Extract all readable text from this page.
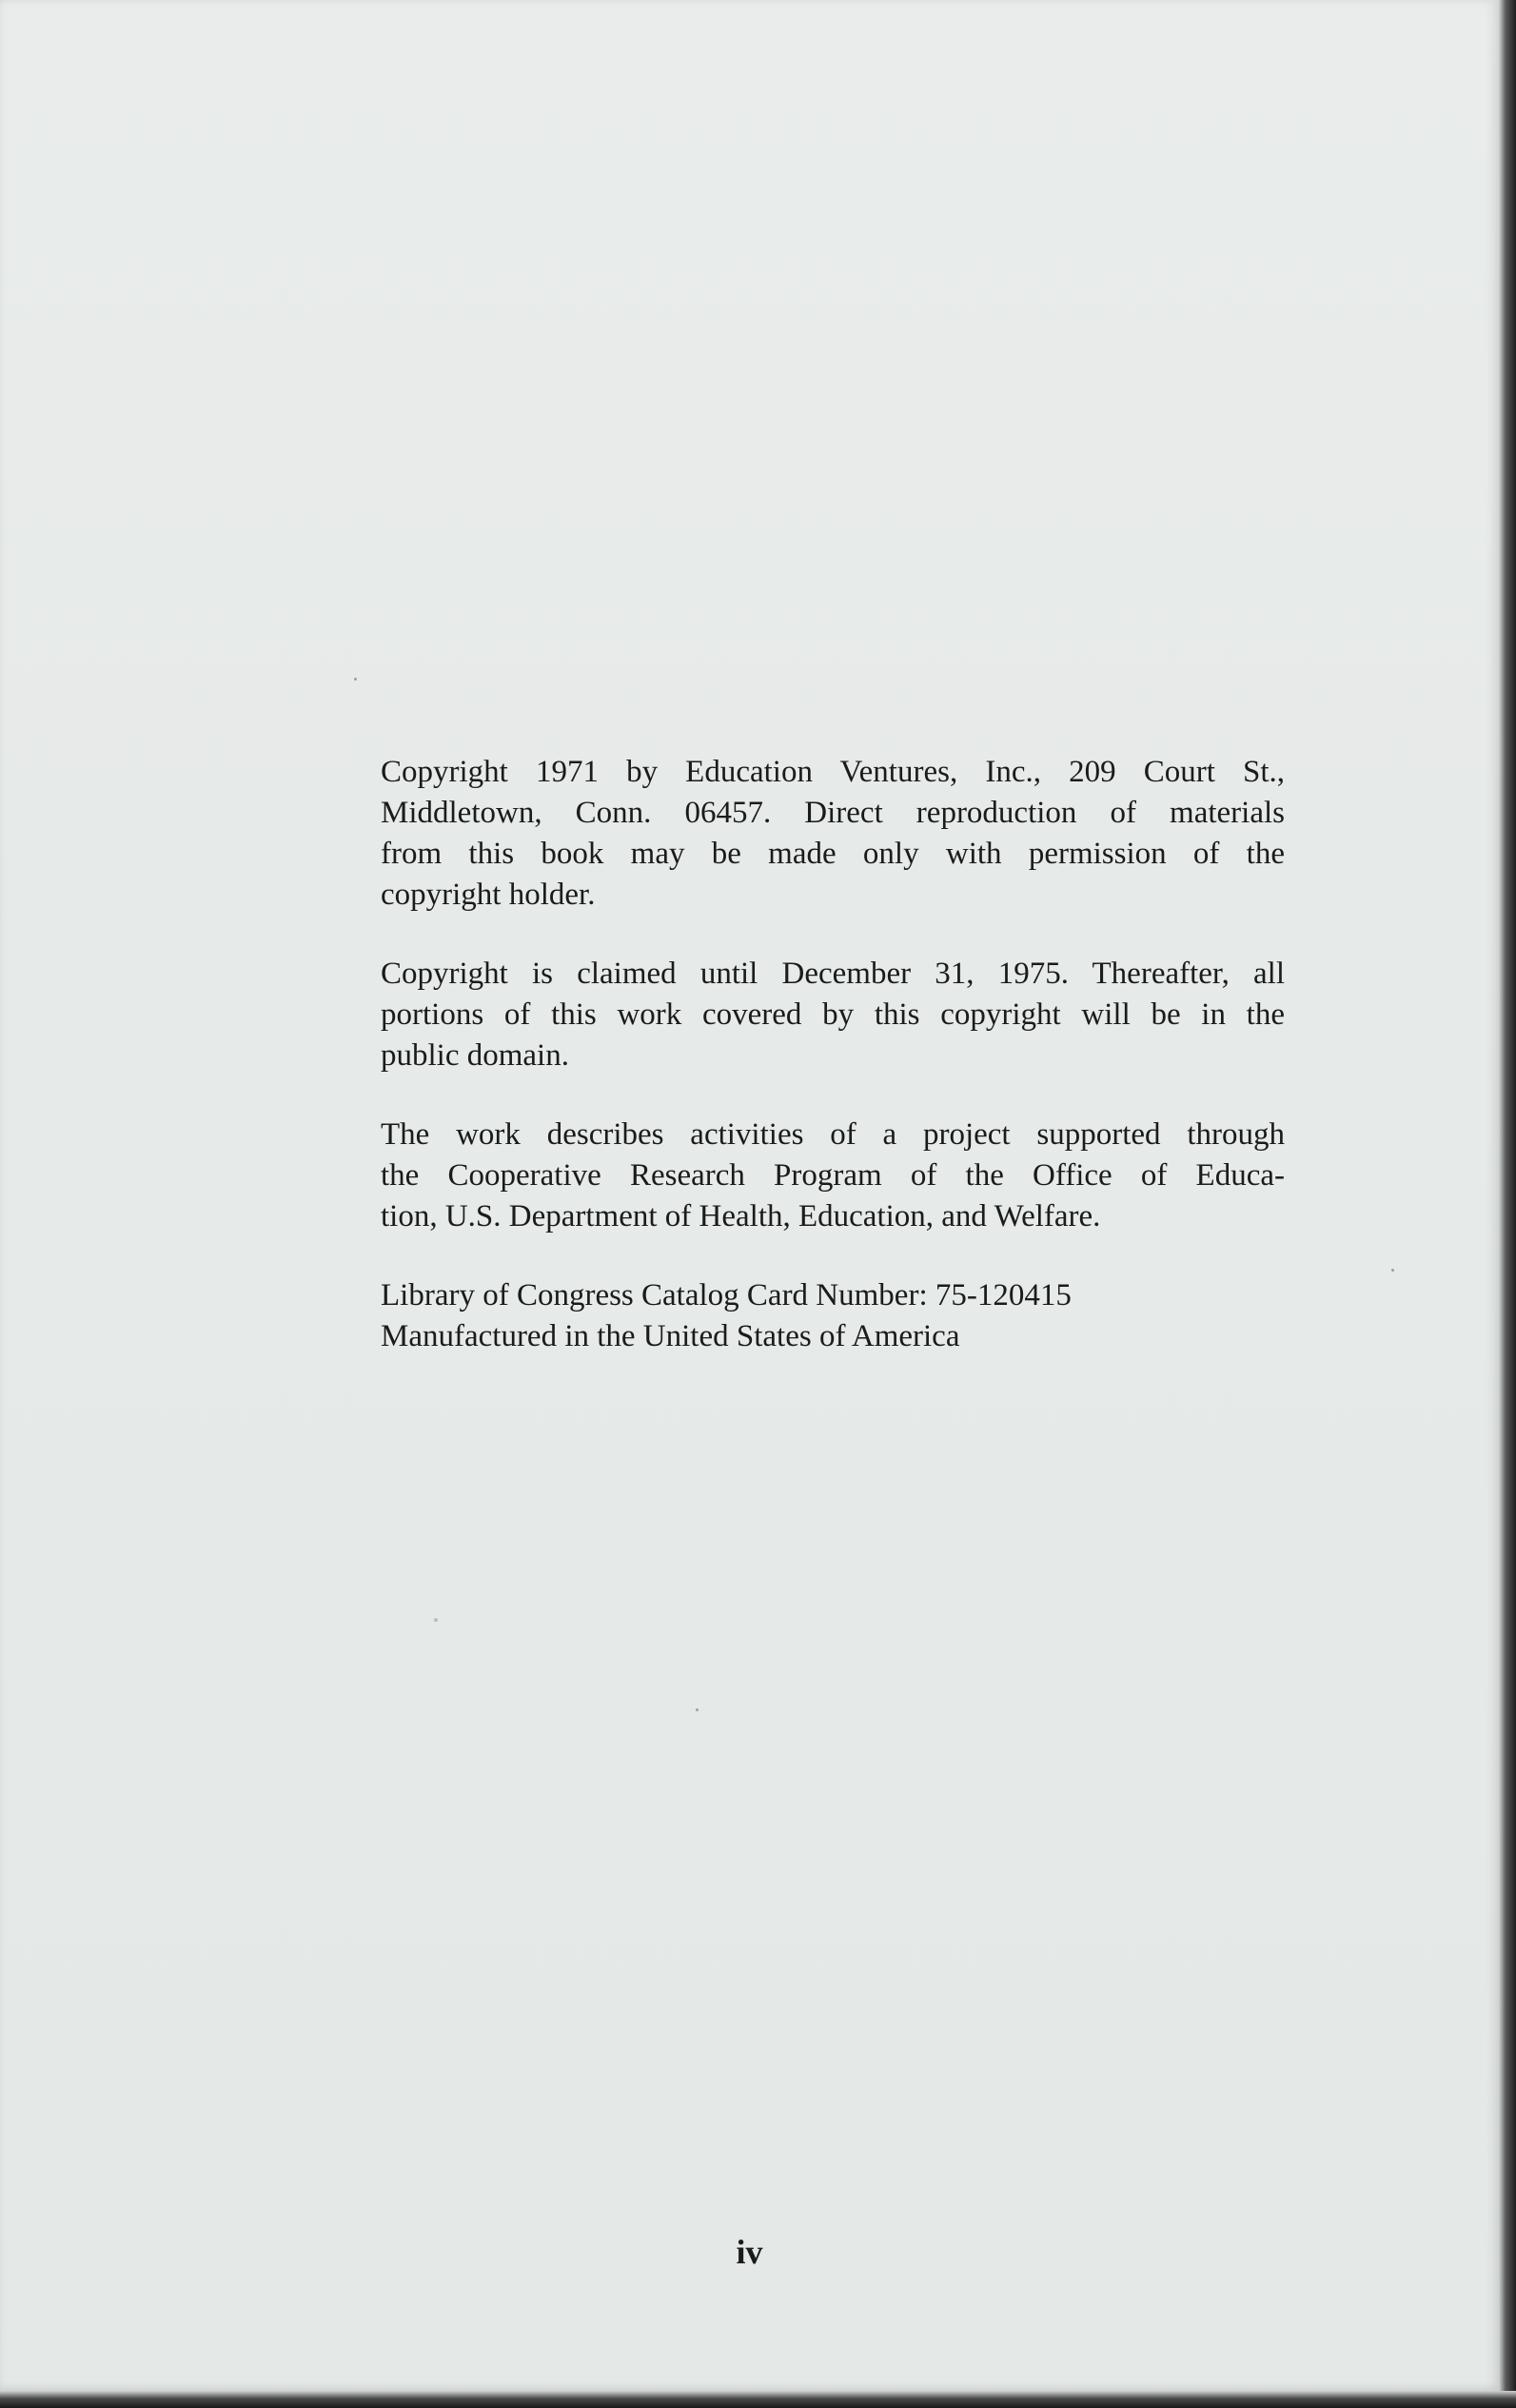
Copyright 1971 by Education Ventures, Inc., 209 Court St.,
Middletown, Conn. 06457. Direct reproduction of materials
from this book may be made only with permission of the
copyright holder.

Copyright is claimed until December 31, 1975. Thereafter, all
portions of this work covered by this copyright will be in the
public domain.

The work describes activities of a project supported through
the Cooperative Research Program of the Office of Educa-
tion, U.S. Department of Health, Education, and Welfare.

Library of Congress Catalog Card Number: 75-120415
Manufactured in the United States of America

iv
